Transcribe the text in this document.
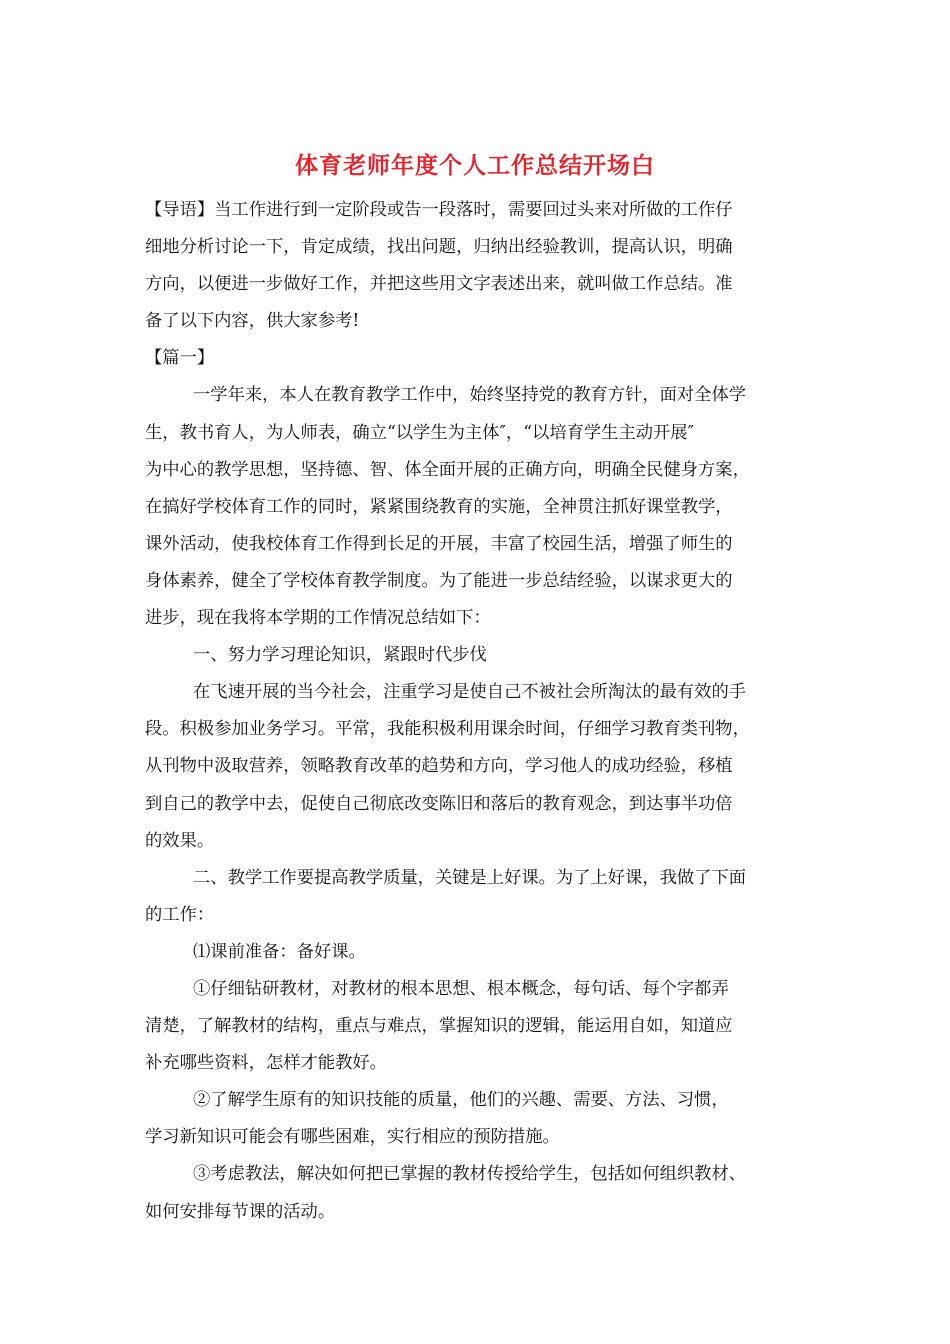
体育老师年度个人工作总结开场白
【导语】当工作进行到一定阶段或告一段落时，需要回过头来对所做的工作仔
细地分析讨论一下，肯定成绩，找出问题，归纳出经验教训，提高认识，明确
方向，以便进一步做好工作，并把这些用文字表述出来，就叫做工作总结。准
备了以下内容，供大家参考!
【篇一】
一学年来，本人在教育教学工作中，始终坚持党的教育方针，面对全体学
生，教书育人，为人师表，确立“以学生为主体″，“以培育学生主动开展″
为中心的教学思想，坚持德、智、体全面开展的正确方向，明确全民健身方案，
在搞好学校体育工作的同时，紧紧围绕教育的实施，全神贯注抓好课堂教学，
课外活动，使我校体育工作得到长足的开展，丰富了校园生活，增强了师生的
身体素养，健全了学校体育教学制度。为了能进一步总结经验，以谋求更大的
进步，现在我将本学期的工作情况总结如下：
一、努力学习理论知识，紧跟时代步伐
在飞速开展的当今社会，注重学习是使自己不被社会所淘汰的最有效的手
段。积极参加业务学习。平常，我能积极利用课余时间，仔细学习教育类刊物，
从刊物中汲取营养，领略教育改革的趋势和方向，学习他人的成功经验，移植
到自己的教学中去，促使自己彻底改变陈旧和落后的教育观念，到达事半功倍
的效果。
二、教学工作要提高教学质量，关键是上好课。为了上好课，我做了下面
的工作：
⑴课前准备：备好课。
①仔细钻研教材，对教材的根本思想、根本概念，每句话、每个字都弄
清楚，了解教材的结构，重点与难点，掌握知识的逻辑，能运用自如，知道应
补充哪些资料，怎样才能教好。
②了解学生原有的知识技能的质量，他们的兴趣、需要、方法、习惯，
学习新知识可能会有哪些困难，实行相应的预防措施。
③考虑教法，解决如何把已掌握的教材传授给学生，包括如何组织教材、
如何安排每节课的活动。
